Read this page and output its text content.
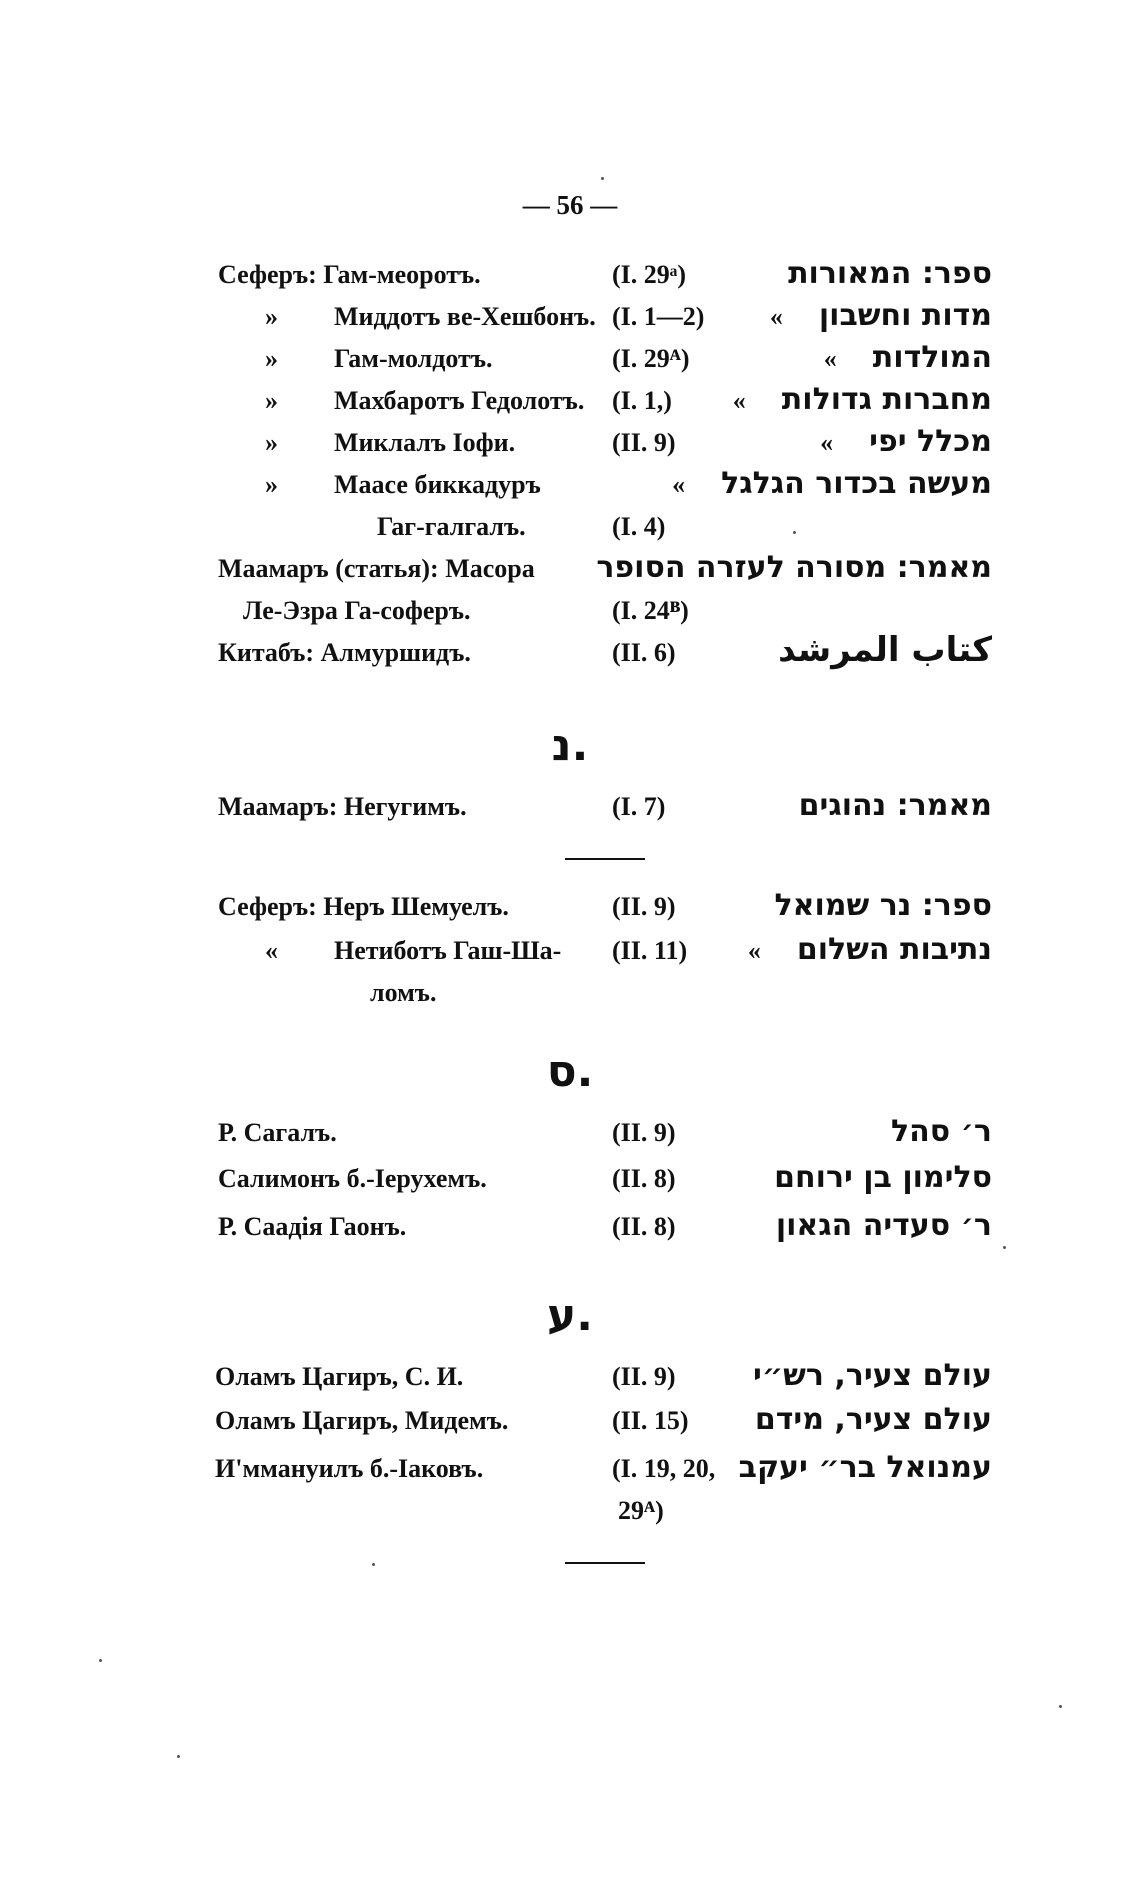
— 56 —
Сеферъ: Гам-меоротъ.	(I. 29ᵃ)	ספר: המאורות
» Миддотъ ве-Хешбонъ. (I. 1—2)	מדות וחשבון»
» Гам-молдотъ.	(I. 29ᴬ)	המולדות»
» Махбаротъ Гедолотъ. (I. 1,)	מחברות גדולות»
» Миклалъ Іофи.	(II. 9)	מכלל יפי»
» Маасе биккадуръ	מעשה בכדור הגלגל»
Гаг-галгалъ.	(I. 4)
Маамаръ (статья): Масора מאמר: מסורה לעזרה הסופר
Ле-Эзра Га-соферъ.	(I. 24ᴮ)
Китабъ: Алмуршидъ.	(II. 6)	كتاب المرشد
נ.
Маамаръ: Негугимъ.	(I. 7)	מאמר: נהוגים
Сеферъ: Неръ Шемуелъ.	(II. 9)	ספר: נר שמואל
« Нетиботъ Гаш-Ша- (II. 11)	נתיבות השלום»
ломъ.
ס.
Р. Сагалъ.	(II. 9)	ר׳ סהל
Салимонъ б.-Іерухемъ.	(II. 8)	סלימון בן ירוחם
Р. Саадія Гаонъ.	(II. 8)	ר׳ סעדיה הגאון
ע.
Оламъ Цагиръ, С. И.	(II. 9)	עולם צעיר, רש״י
Оламъ Цагиръ, Мидемъ.	(II. 15) עולם צעיר, מידם
И'ммануилъ б.-Іаковъ.	(I. 19, 20, עמנואל בר״ יעקב
29ᴬ)
